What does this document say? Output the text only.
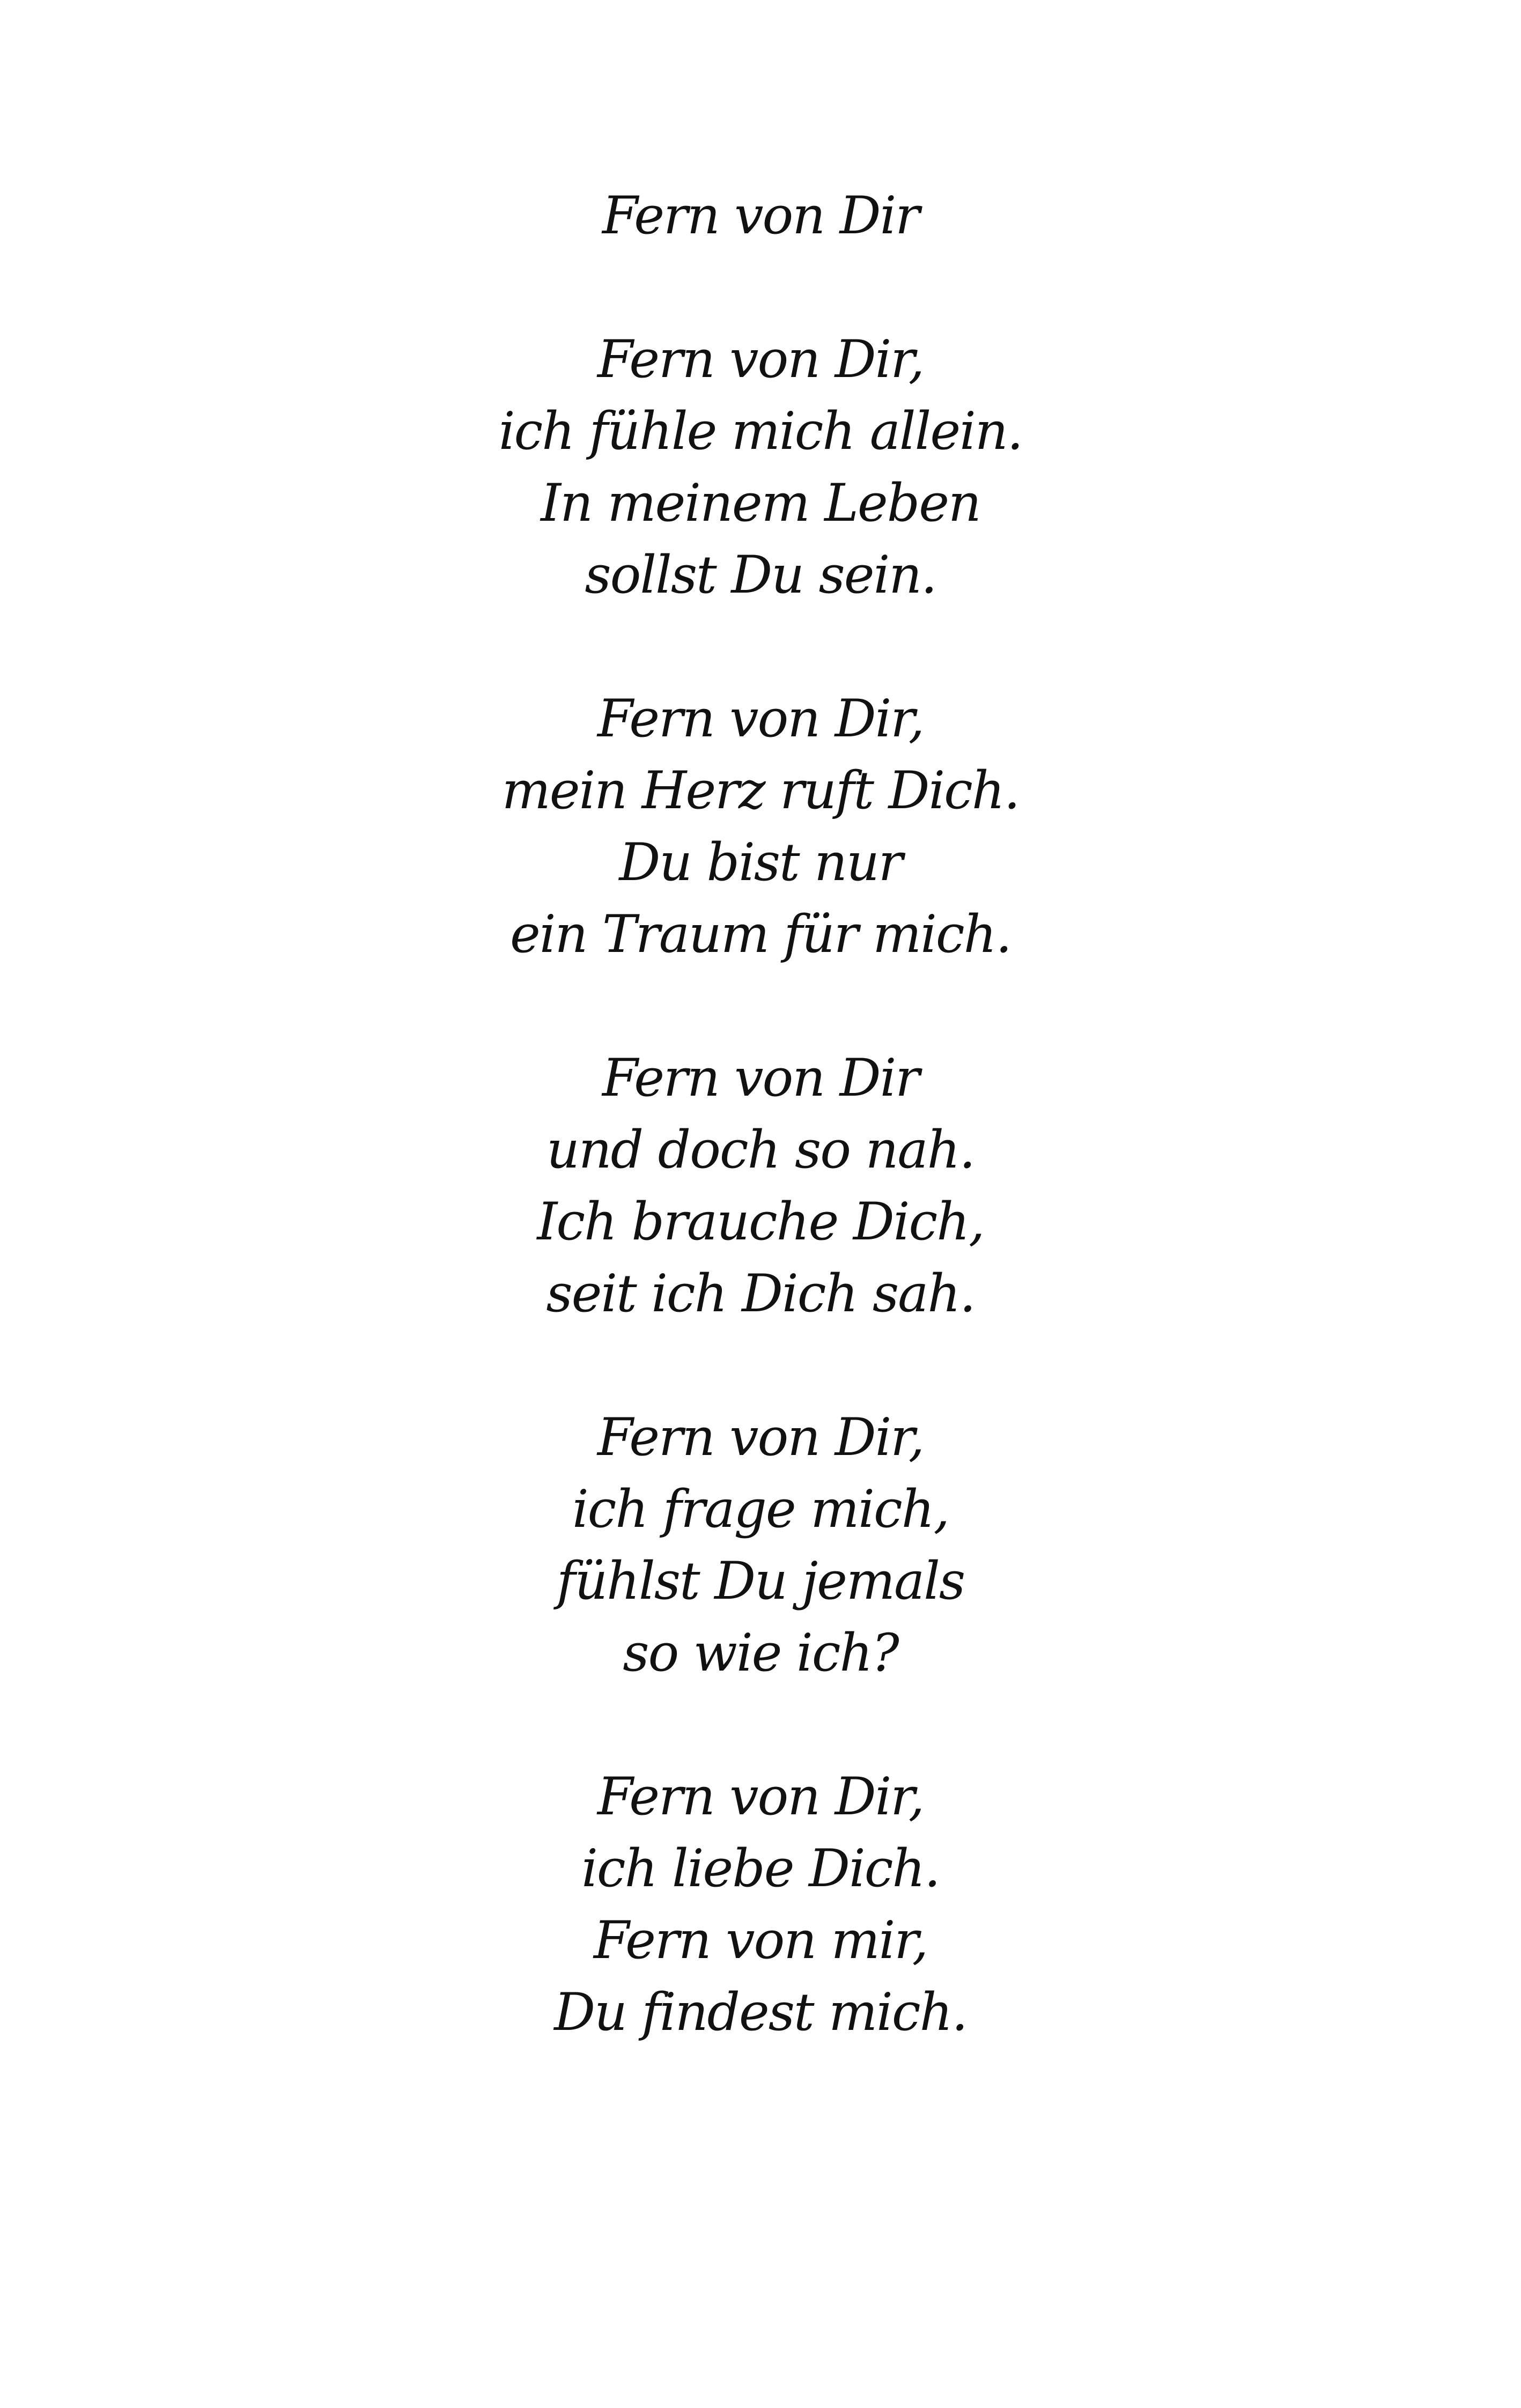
Fern von Dir
Fern von Dir,
ich fühle mich allein.
In meinem Leben
sollst Du sein.
Fern von Dir,
mein Herz ruft Dich.
Du bist nur
ein Traum für mich.
Fern von Dir
und doch so nah.
Ich brauche Dich,
seit ich Dich sah.
Fern von Dir,
ich frage mich,
fühlst Du jemals
so wie ich?
Fern von Dir,
ich liebe Dich.
Fern von mir,
Du findest mich.
